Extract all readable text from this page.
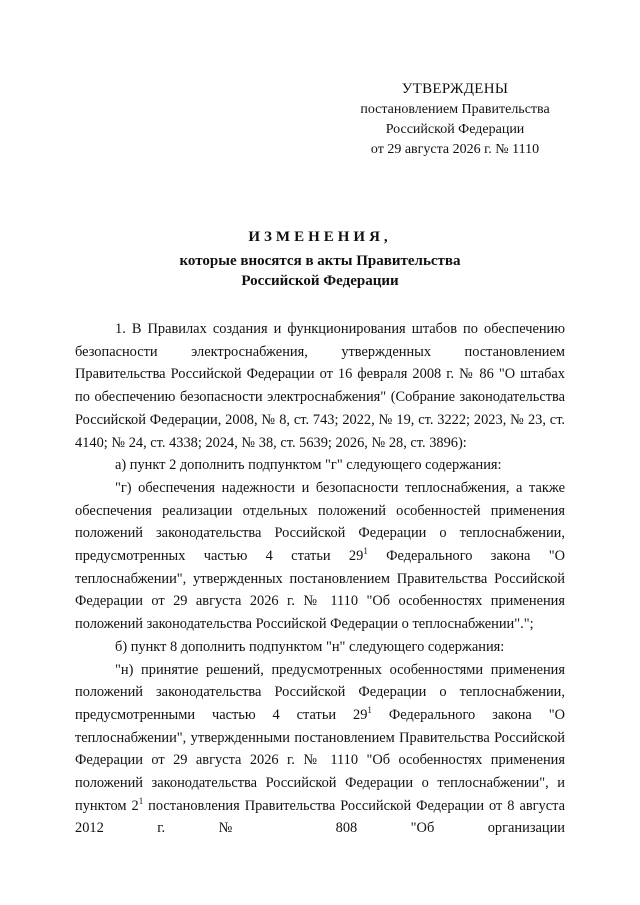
УТВЕРЖДЕНЫ
постановлением Правительства
Российской Федерации
от 29 августа 2026 г. № 1110
ИЗМЕНЕНИЯ,
которые вносятся в акты Правительства
Российской Федерации

1. В Правилах создания и функционирования штабов по обеспечению безопасности электроснабжения, утвержденных постановлением Правительства Российской Федерации от 16 февраля 2008 г. № 86 "О штабах по обеспечению безопасности электроснабжения" (Собрание законодательства Российской Федерации, 2008, № 8, ст. 743; 2022, № 19, ст. 3222; 2023, № 23, ст. 4140; № 24, ст. 4338; 2024, № 38, ст. 5639; 2026, № 28, ст. 3896):

а) пункт 2 дополнить подпунктом "г" следующего содержания:

"г) обеспечения надежности и безопасности теплоснабжения, а также обеспечения реализации отдельных положений особенностей применения положений законодательства Российской Федерации о теплоснабжении, предусмотренных частью 4 статьи $29^1$ Федерального закона "О теплоснабжении", утвержденных постановлением Правительства Российской Федерации от 29 августа 2026 г. № 1110 "Об особенностях применения положений законодательства Российской Федерации о теплоснабжении".";

б) пункт 8 дополнить подпунктом "н" следующего содержания:

"н) принятие решений, предусмотренных особенностями применения положений законодательства Российской Федерации о теплоснабжении, предусмотренными частью 4 статьи $29^1$ Федерального закона "О теплоснабжении", утвержденными постановлением Правительства Российской Федерации от 29 августа 2026 г. № 1110 "Об особенностях применения положений законодательства Российской Федерации о теплоснабжении", и пунктом $2^1$ постановления Правительства Российской Федерации от 8 августа 2012 г. № 808 "Об организации
